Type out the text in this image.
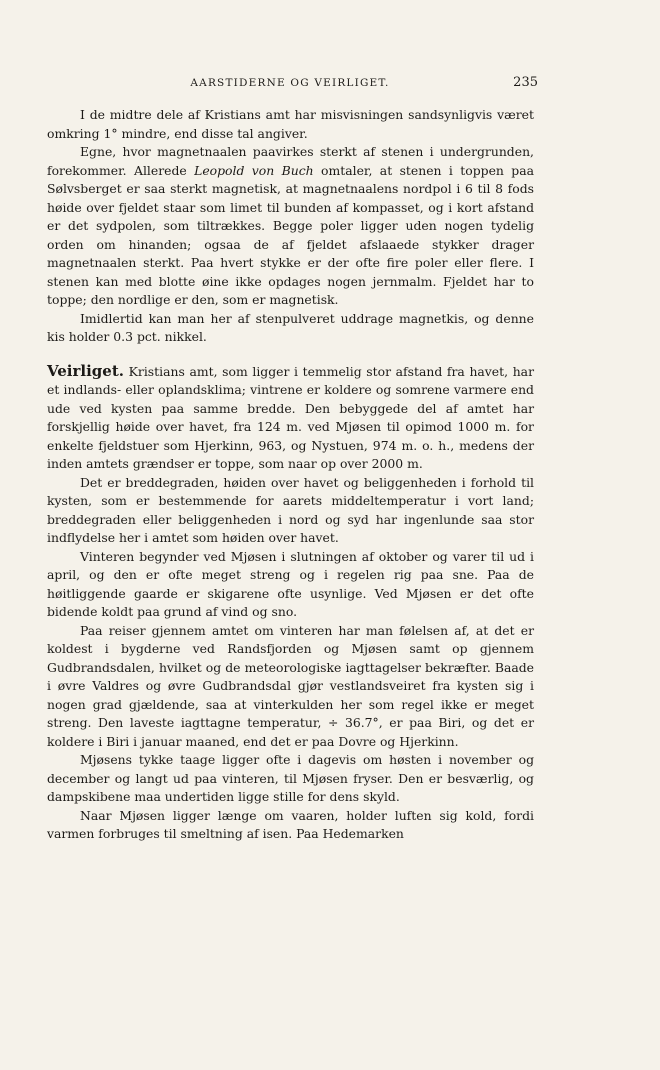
AARSTIDERNE OG VEIRLIGET.	235

I de midtre dele af Kristians amt har misvisningen sandsynligvis været omkring 1° mindre, end disse tal angiver.

Egne, hvor magnetnaalen paavirkes sterkt af stenen i undergrunden, forekommer. Allerede Leopold von Buch omtaler, at stenen i toppen paa Sølvsberget er saa sterkt magnetisk, at magnetnaalens nordpol i 6 til 8 fods høide over fjeldet staar som limet til bunden af kompasset, og i kort afstand er det sydpolen, som tiltrækkes. Begge poler ligger uden nogen tydelig orden om hinanden; ogsaa de af fjeldet afslaaede stykker drager magnetnaalen sterkt. Paa hvert stykke er der ofte fire poler eller flere. I stenen kan med blotte øine ikke opdages nogen jernmalm. Fjeldet har to toppe; den nordlige er den, som er magnetisk.

Imidlertid kan man her af stenpulveret uddrage magnetkis, og denne kis holder 0.3 pct. nikkel.

Veirliget. Kristians amt, som ligger i temmelig stor afstand fra havet, har et indlands- eller oplandsklima; vintrene er koldere og somrene varmere end ude ved kysten paa samme bredde. Den bebyggede del af amtet har forskjellig høide over havet, fra 124 m. ved Mjøsen til opimod 1000 m. for enkelte fjeldstuer som Hjerkinn, 963, og Nystuen, 974 m. o. h., medens der inden amtets grændser er toppe, som naar op over 2000 m.

Det er breddegraden, høiden over havet og beliggenheden i forhold til kysten, som er bestemmende for aarets middeltemperatur i vort land; breddegraden eller beliggenheden i nord og syd har ingenlunde saa stor indflydelse her i amtet som høiden over havet.

Vinteren begynder ved Mjøsen i slutningen af oktober og varer til ud i april, og den er ofte meget streng og i regelen rig paa sne. Paa de høitliggende gaarde er skigarene ofte usynlige. Ved Mjøsen er det ofte bidende koldt paa grund af vind og sno.

Paa reiser gjennem amtet om vinteren har man følelsen af, at det er koldest i bygderne ved Randsfjorden og Mjøsen samt op gjennem Gudbrandsdalen, hvilket og de meteorologiske iagttagelser bekræfter. Baade i øvre Valdres og øvre Gudbrandsdal gjør vestlandsveiret fra kysten sig i nogen grad gjældende, saa at vinterkulden her som regel ikke er meget streng. Den laveste iagttagne temperatur, ÷ 36.7°, er paa Biri, og det er koldere i Biri i januar maaned, end det er paa Dovre og Hjerkinn.

Mjøsens tykke taage ligger ofte i dagevis om høsten i november og december og langt ud paa vinteren, til Mjøsen fryser. Den er besværlig, og dampskibene maa undertiden ligge stille for dens skyld.

Naar Mjøsen ligger længe om vaaren, holder luften sig kold, fordi varmen forbruges til smeltning af isen. Paa Hedemarken
